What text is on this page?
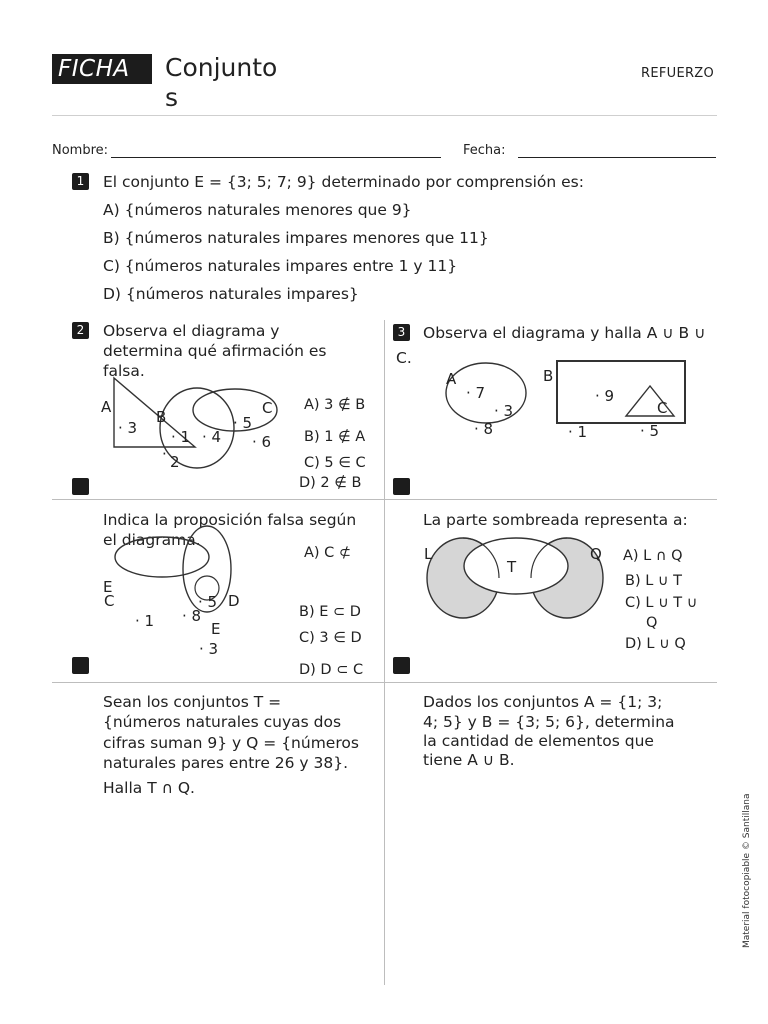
FICHA	Conjunto
s
REFUERZO
Nombre:	Fecha:
1	El conjunto E = {3; 5; 7; 9} determinado por comprensión es:
A) {números naturales menores que 9}
B) {números naturales impares menores que 11}
C) {números naturales impares entre 1 y 11}
D) {números naturales impares}
2	Observa el diagrama y
determina qué afirmación es
falsa.
A
B	C
· 3 · 1 · 4
· 5
· 6
· 2
A) 3 ∉ B
B) 1 ∉ A
C) 5 ∈ C
D) 2 ∉ B
3	Observa el diagrama y halla A ∪ B ∪
C.
A	B
C
· 7
· 3
· 8
· 9
· 1	· 5
Indica la proposición falsa según
el diagrama.
E
C	D
E
· 1 · 8
· 5
· 3
A) C ⊄
B) E ⊂ D
C) 3 ∈ D
D) D ⊂ C
La parte sombreada representa a:
L
T
Q A) L ∩ Q
B) L ∪ T
C) L ∪ T ∪
Q
D) L ∪ Q
Sean los conjuntos T =
{números naturales cuyas dos
cifras suman 9} y Q = {números
naturales pares entre 26 y 38}.
Halla T ∩ Q.
Dados los conjuntos A = {1; 3;
4; 5} y B = {3; 5; 6}, determina
la cantidad de elementos que
tiene A ∪ B.
Material fotocopiable © Santillana
